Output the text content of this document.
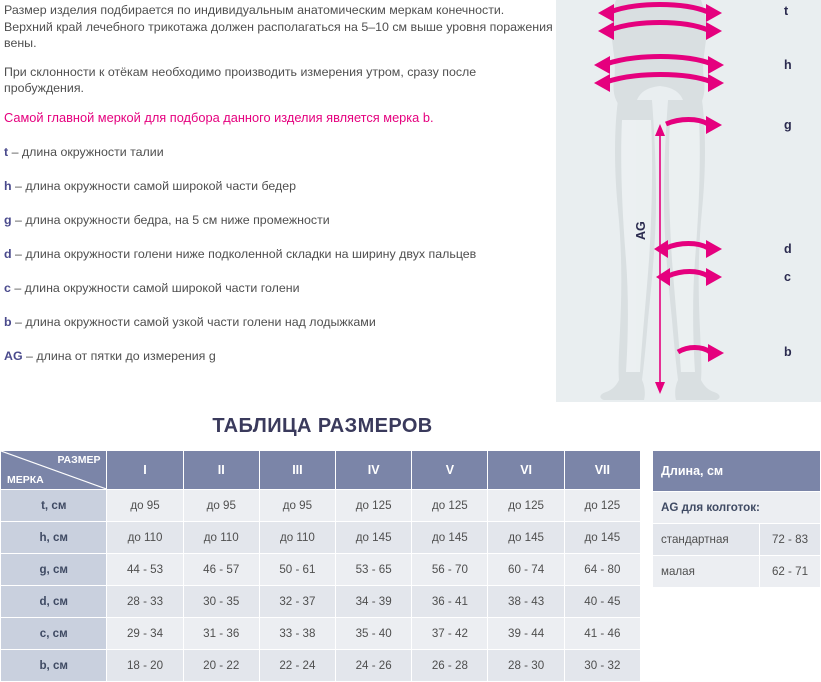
Размер изделия подбирается по индивидуальным анатомическим меркам конечности. Верхний край лечебного трикотажа должен располагаться на 5–10 см выше уровня поражения вены.

При склонности к отёкам необходимо производить измерения утром, сразу после пробуждения.

Самой главной меркой для подбора данного изделия является мерка b.

t – длина окружности талии
h – длина окружности самой широкой части бедер
g – длина окружности бедра, на 5 см ниже промежности
d – длина окружности голени ниже подколенной складки на ширину двух пальцев
c – длина окружности самой широкой части голени
b – длина окружности самой узкой части голени над лодыжками
AG – длина от пятки до измерения g
t
h
g
d
c
b
AG
ТАБЛИЦА РАЗМЕРОВ
РАЗМЕР
МЕРКА	I	II	III	IV	V	VI	VII
t, см	до 95	до 95	до 95	до 125	до 125	до 125	до 125
h, см	до 110	до 110	до 110	до 145	до 145	до 145	до 145
g, см	44 - 53	46 - 57	50 - 61	53 - 65	56 - 70	60 - 74	64 - 80
d, см	28 - 33	30 - 35	32 - 37	34 - 39	36 - 41	38 - 43	40 - 45
c, см	29 - 34	31 - 36	33 - 38	35 - 40	37 - 42	39 - 44	41 - 46
b, см	18 - 20	20 - 22	22 - 24	24 - 26	26 - 28	28 - 30	30 - 32
Длина, см	
AG для колготок:	
стандартная	72 - 83
малая	62 - 71
